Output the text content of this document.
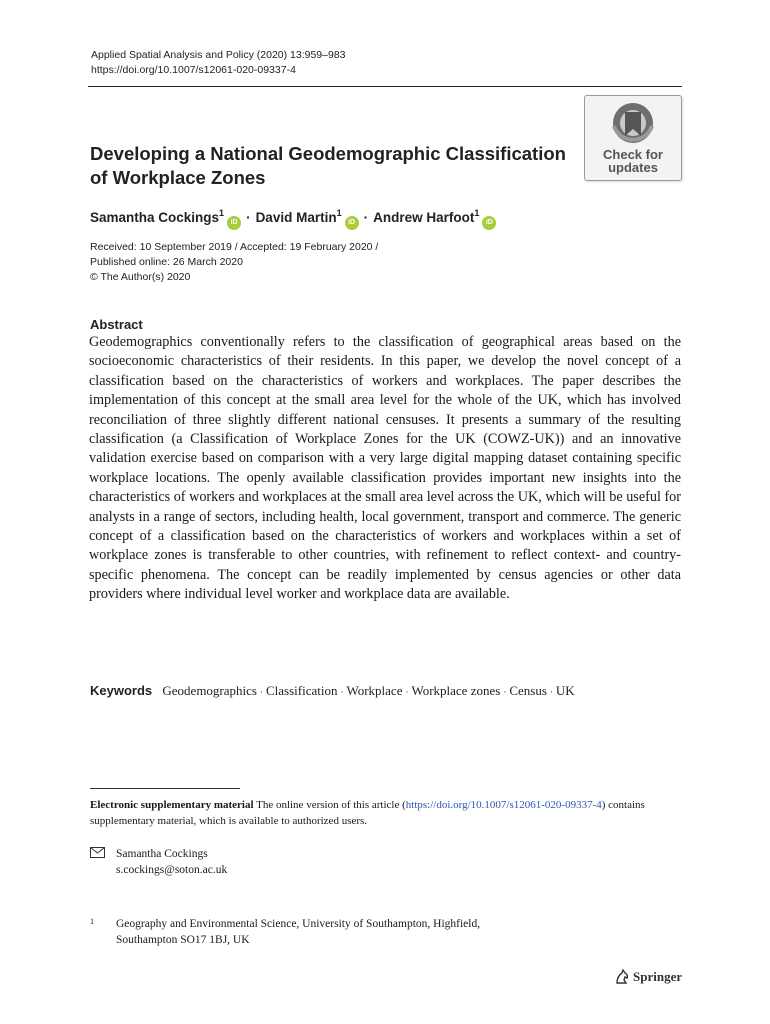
Applied Spatial Analysis and Policy (2020) 13:959–983
https://doi.org/10.1007/s12061-020-09337-4
Check for
updates
Developing a National Geodemographic Classification
of Workplace Zones
Samantha Cockings$^1$iD · David Martin$^1$iD · Andrew Harfoot$^1$iD
Received: 10 September 2019 / Accepted: 19 February 2020 /
Published online: 26 March 2020
© The Author(s) 2020
Abstract
Geodemographics conventionally refers to the classification of geographical areas based on the socioeconomic characteristics of their residents. In this paper, we develop the novel concept of a classification based on the characteristics of workers and workplaces. The paper describes the implementation of this concept at the small area level for the whole of the UK, which has involved reconciliation of three slightly different national censuses. It presents a summary of the resulting classification (a Classification of Workplace Zones for the UK (COWZ-UK)) and an innovative validation exercise based on comparison with a very large digital mapping dataset containing specific workplace locations. The openly available classification provides important new insights into the characteristics of workers and workplaces at the small area level across the UK, which will be useful for analysts in a range of sectors, including health, local government, transport and commerce. The generic concept of a classification based on the characteristics of workers and workplaces within a set of workplace zones is transferable to other countries, with refinement to reflect context- and country-specific phenomena. The concept can be readily implemented by census agencies or other data providers where individual level worker and workplace data are available.
Keywords Geodemographics · Classification · Workplace · Workplace zones · Census · UK
Electronic supplementary material The online version of this article (https://doi.org/10.1007/s12061-020-09337-4) contains supplementary material, which is available to authorized users.
Samantha Cockings
s.cockings@soton.ac.uk
1 Geography and Environmental Science, University of Southampton, Highfield,
Southampton SO17 1BJ, UK
Springer
